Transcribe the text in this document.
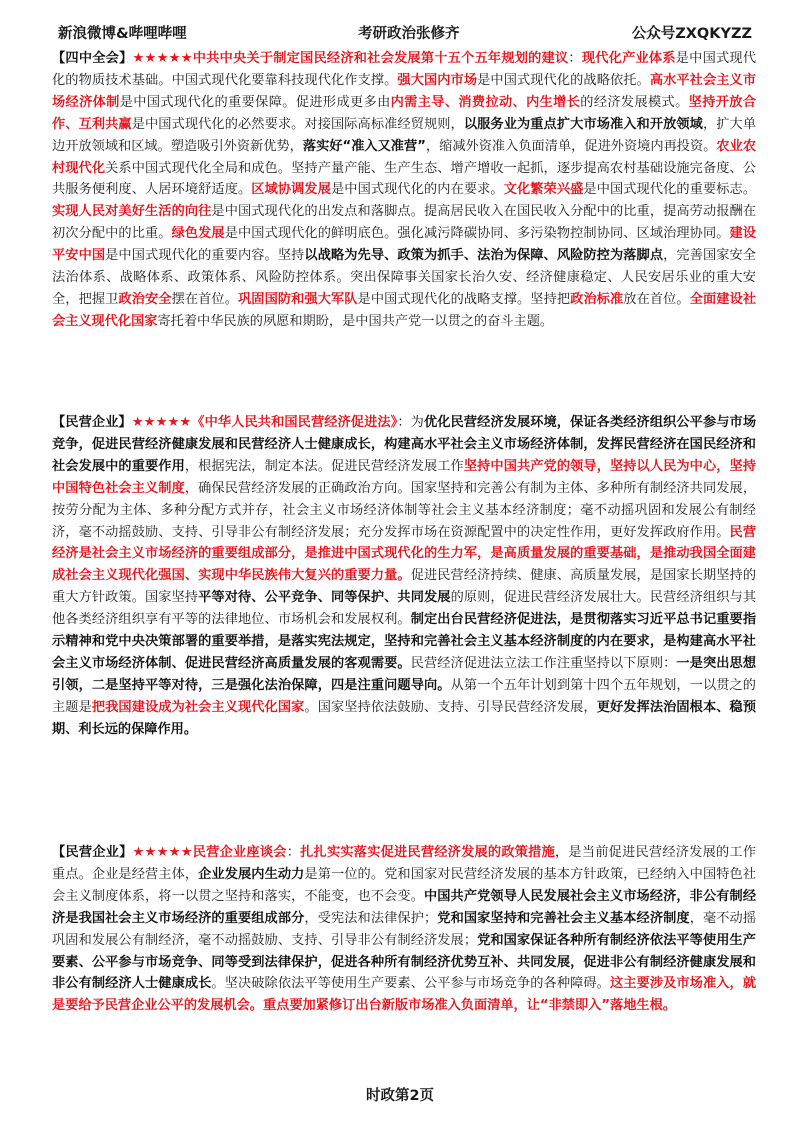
新浪微博&哔哩哔哩	考研政治张修齐	公众号ZXQKYZZ
【四中全会】★★★★★中共中央关于制定国民经济和社会发展第十五个五年规划的建议：现代化产业体系是中国式现代化的物质技术基础。中国式现代化要靠科技现代化作支撑。强大国内市场是中国式现代化的战略依托。高水平社会主义市场经济体制是中国式现代化的重要保障。促进形成更多由内需主导、消费拉动、内生增长的经济发展模式。坚持开放合作、互利共赢是中国式现代化的必然要求。对接国际高标准经贸规则，以服务业为重点扩大市场准入和开放领域，扩大单边开放领域和区域。塑造吸引外资新优势，落实好“准入又准营”，缩减外资准入负面清单，促进外资境内再投资。农业农村现代化关系中国式现代化全局和成色。坚持产量产能、生产生态、增产增收一起抓，逐步提高农村基础设施完备度、公共服务便利度、人居环境舒适度。区域协调发展是中国式现代化的内在要求。文化繁荣兴盛是中国式现代化的重要标志。实现人民对美好生活的向往是中国式现代化的出发点和落脚点。提高居民收入在国民收入分配中的比重，提高劳动报酬在初次分配中的比重。绿色发展是中国式现代化的鲜明底色。强化减污降碳协同、多污染物控制协同、区域治理协同。建设平安中国是中国式现代化的重要内容。坚持以战略为先导、政策为抓手、法治为保障、风险防控为落脚点，完善国家安全法治体系、战略体系、政策体系、风险防控体系。突出保障事关国家长治久安、经济健康稳定、人民安居乐业的重大安全，把握卫政治安全摆在首位。巩固国防和强大军队是中国式现代化的战略支撑。坚持把政治标准放在首位。全面建设社会主义现代化国家寄托着中华民族的夙愿和期盼，是中国共产党一以贯之的奋斗主题。
【民营企业】★★★★★《中华人民共和国民营经济促进法》：为优化民营经济发展环境，保证各类经济组织公平参与市场竞争，促进民营经济健康发展和民营经济人士健康成长，构建高水平社会主义市场经济体制，发挥民营经济在国民经济和社会发展中的重要作用，根据宪法，制定本法。促进民营经济发展工作坚持中国共产党的领导，坚持以人民为中心，坚持中国特色社会主义制度，确保民营经济发展的正确政治方向。国家坚持和完善公有制为主体、多种所有制经济共同发展，按劳分配为主体、多种分配方式并存，社会主义市场经济体制等社会主义基本经济制度；毫不动摇巩固和发展公有制经济，毫不动摇鼓励、支持、引导非公有制经济发展；充分发挥市场在资源配置中的决定性作用，更好发挥政府作用。民营经济是社会主义市场经济的重要组成部分，是推进中国式现代化的生力军，是高质量发展的重要基础，是推动我国全面建成社会主义现代化强国、实现中华民族伟大复兴的重要力量。促进民营经济持续、健康、高质量发展，是国家长期坚持的重大方针政策。国家坚持平等对待、公平竞争、同等保护、共同发展的原则，促进民营经济发展壮大。民营经济组织与其他各类经济组织享有平等的法律地位、市场机会和发展权利。制定出台民营经济促进法，是贯彻落实习近平总书记重要指示精神和党中央决策部署的重要举措，是落实宪法规定，坚持和完善社会主义基本经济制度的内在要求，是构建高水平社会主义市场经济体制、促进民营经济高质量发展的客观需要。民营经济促进法立法工作注重坚持以下原则：一是突出思想引领，二是坚持平等对待，三是强化法治保障，四是注重问题导向。从第一个五年计划到第十四个五年规划，一以贯之的主题是把我国建设成为社会主义现代化国家。国家坚持依法鼓励、支持、引导民营经济发展，更好发挥法治固根本、稳预期、利长远的保障作用。
【民营企业】★★★★★民营企业座谈会：扎扎实实落实促进民营经济发展的政策措施，是当前促进民营经济发展的工作重点。企业是经营主体，企业发展内生动力是第一位的。党和国家对民营经济发展的基本方针政策，已经纳入中国特色社会主义制度体系，将一以贯之坚持和落实，不能变，也不会变。中国共产党领导人民发展社会主义市场经济，非公有制经济是我国社会主义市场经济的重要组成部分，受宪法和法律保护；党和国家坚持和完善社会主义基本经济制度，毫不动摇巩固和发展公有制经济，毫不动摇鼓励、支持、引导非公有制经济发展；党和国家保证各种所有制经济依法平等使用生产要素、公平参与市场竞争、同等受到法律保护，促进各种所有制经济优势互补、共同发展，促进非公有制经济健康发展和非公有制经济人士健康成长。坚决破除依法平等使用生产要素、公平参与市场竞争的各种障碍。这主要涉及市场准入，就是要给予民营企业公平的发展机会。重点要加紧修订出台新版市场准入负面清单，让“非禁即入”落地生根。
时政第2页
